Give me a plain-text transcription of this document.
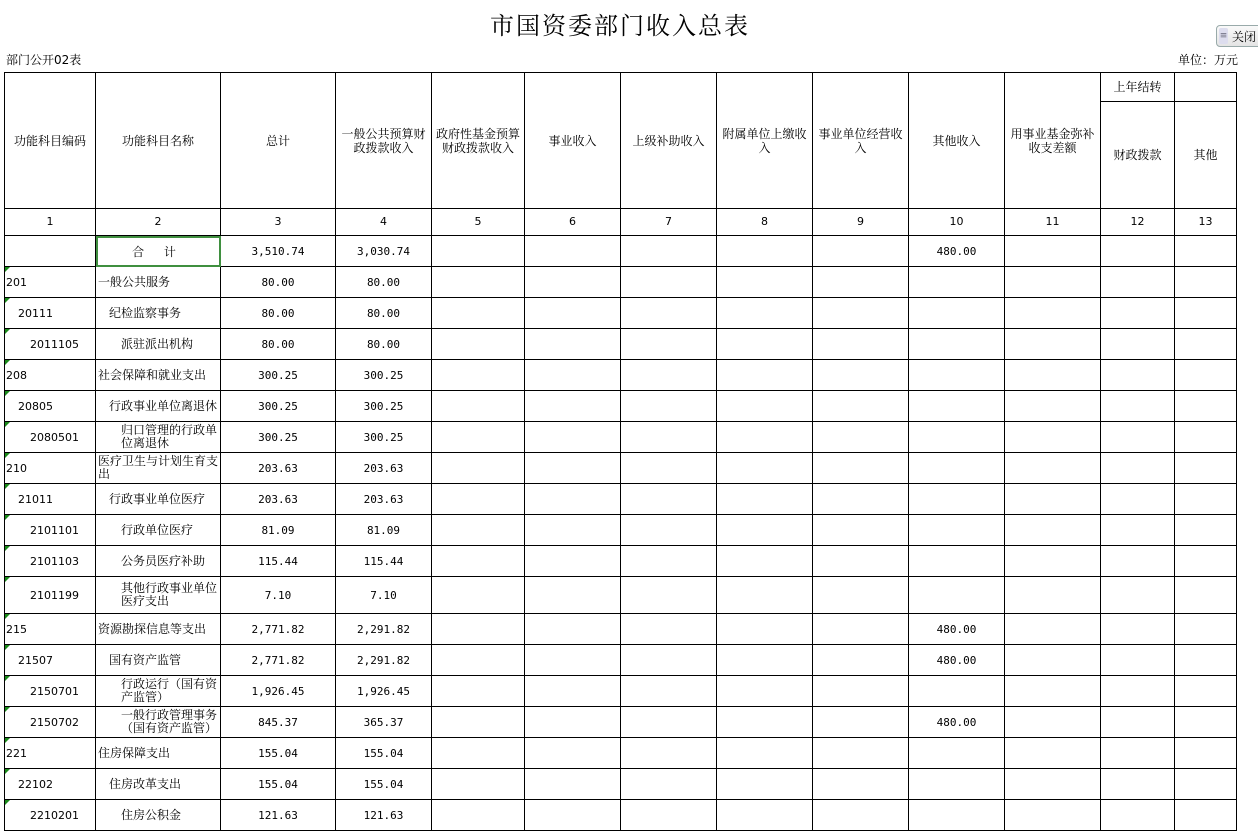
市国资委部门收入总表
部门公开02表	单位：万元
≡ 关闭
功能科目编码	功能科目名称	总计	一般公共预算财政拨款收入	政府性基金预算财政拨款收入	事业收入	上级补助收入	附属单位上缴收入	事业单位经营收入	其他收入	用事业基金弥补收支差额	上年结转	
											财政拨款	其他
1	2	3	4	5	6	7	8	9	10	11	12	13
	合 计	3,510.74	3,030.74						480.00			
201	一般公共服务	80.00	80.00									
20111	纪检监察事务	80.00	80.00									
2011105	派驻派出机构	80.00	80.00									
208	社会保障和就业支出	300.25	300.25									
20805	行政事业单位离退休	300.25	300.25									
2080501	归口管理的行政单位离退休	300.25	300.25									
210	医疗卫生与计划生育支出	203.63	203.63									
21011	行政事业单位医疗	203.63	203.63									
2101101	行政单位医疗	81.09	81.09									
2101103	公务员医疗补助	115.44	115.44									
2101199	其他行政事业单位医疗支出	7.10	7.10									
215	资源勘探信息等支出	2,771.82	2,291.82						480.00			
21507	国有资产监管	2,771.82	2,291.82						480.00			
2150701	行政运行（国有资产监管）	1,926.45	1,926.45									
2150702	一般行政管理事务（国有资产监管）	845.37	365.37						480.00			
221	住房保障支出	155.04	155.04									
22102	住房改革支出	155.04	155.04									
2210201	住房公积金	121.63	121.63									
